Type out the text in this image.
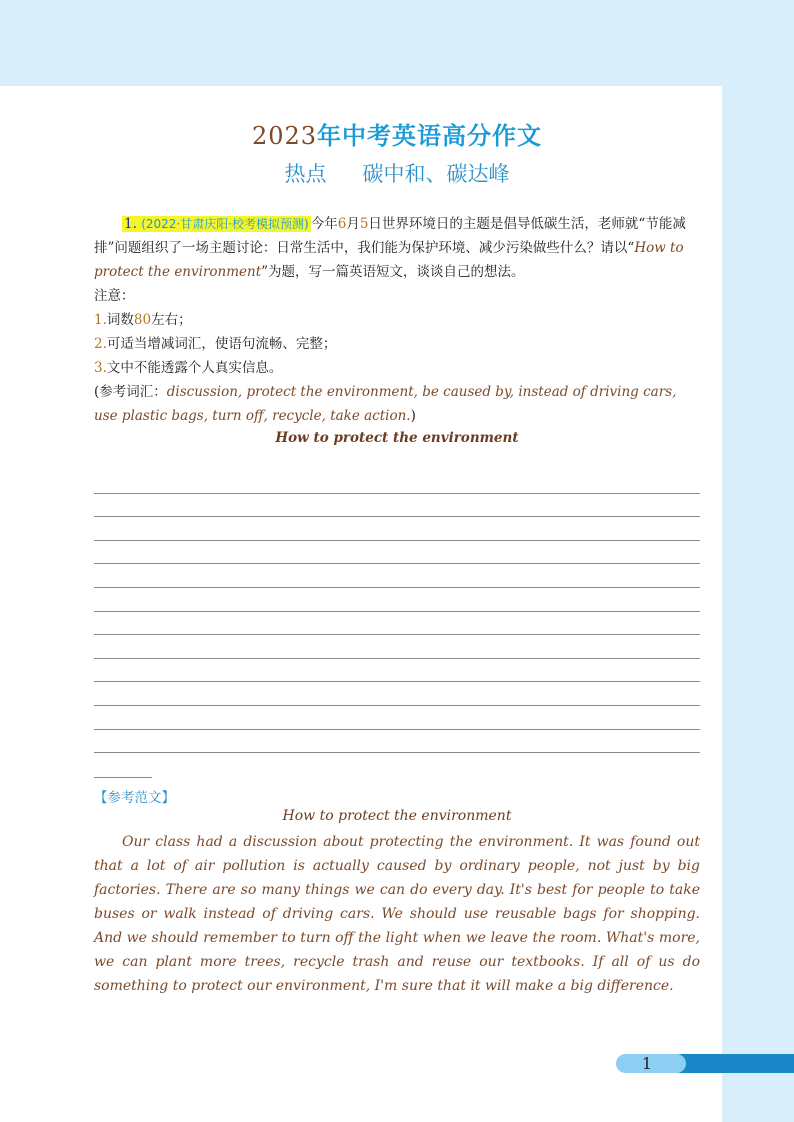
2023年中考英语高分作文
热点 碳中和、碳达峰
1. (2022·甘肃庆阳·校考模拟预测) 今年6月5日世界环境日的主题是倡导低碳生活，老师就“节能减排”问题组织了一场主题讨论：日常生活中，我们能为保护环境、减少污染做些什么？请以“How to protect the environment”为题，写一篇英语短文，谈谈自己的想法。
注意：
1.词数80左右；
2.可适当增减词汇，使语句流畅、完整；
3.文中不能透露个人真实信息。
(参考词汇：discussion, protect the environment, be caused by, instead of driving cars, use plastic bags, turn off, recycle, take action.)
How to protect the environment
【参考范文】
How to protect the environment
Our class had a discussion about protecting the environment. It was found out that a lot of air pollution is actually caused by ordinary people, not just by big factories. There are so many things we can do every day. It's best for people to take buses or walk instead of driving cars. We should use reusable bags for shopping. And we should remember to turn off the light when we leave the room. What's more, we can plant more trees, recycle trash and reuse our textbooks. If all of us do something to protect our environment, I'm sure that it will make a big difference.
1
